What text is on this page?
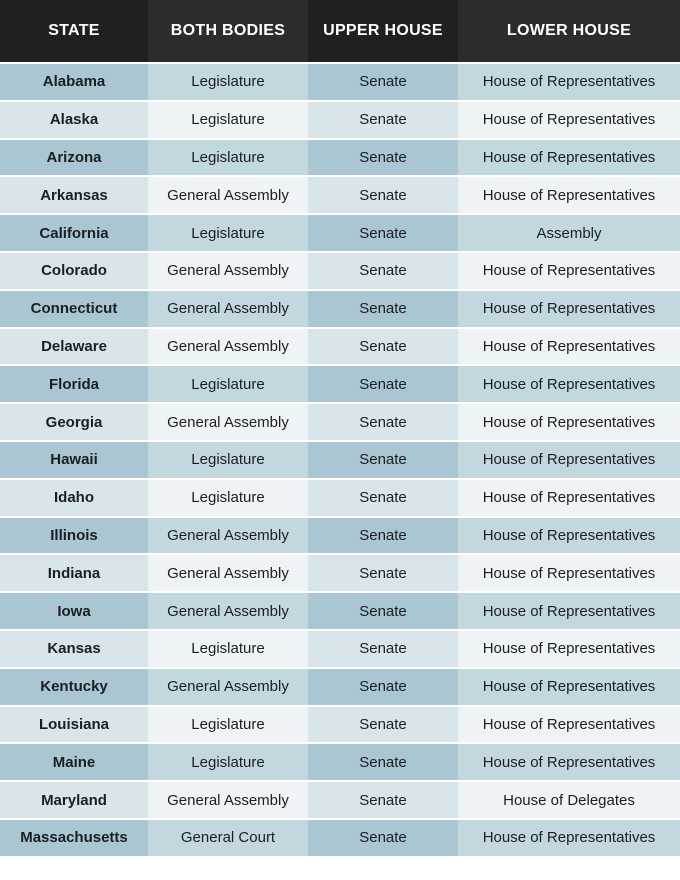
STATE	BOTH BODIES	UPPER HOUSE	LOWER HOUSE
Alabama	Legislature	Senate	House of Representatives
Alaska	Legislature	Senate	House of Representatives
Arizona	Legislature	Senate	House of Representatives
Arkansas	General Assembly	Senate	House of Representatives
California	Legislature	Senate	Assembly
Colorado	General Assembly	Senate	House of Representatives
Connecticut	General Assembly	Senate	House of Representatives
Delaware	General Assembly	Senate	House of Representatives
Florida	Legislature	Senate	House of Representatives
Georgia	General Assembly	Senate	House of Representatives
Hawaii	Legislature	Senate	House of Representatives
Idaho	Legislature	Senate	House of Representatives
Illinois	General Assembly	Senate	House of Representatives
Indiana	General Assembly	Senate	House of Representatives
Iowa	General Assembly	Senate	House of Representatives
Kansas	Legislature	Senate	House of Representatives
Kentucky	General Assembly	Senate	House of Representatives
Louisiana	Legislature	Senate	House of Representatives
Maine	Legislature	Senate	House of Representatives
Maryland	General Assembly	Senate	House of Delegates
Massachusetts	General Court	Senate	House of Representatives
